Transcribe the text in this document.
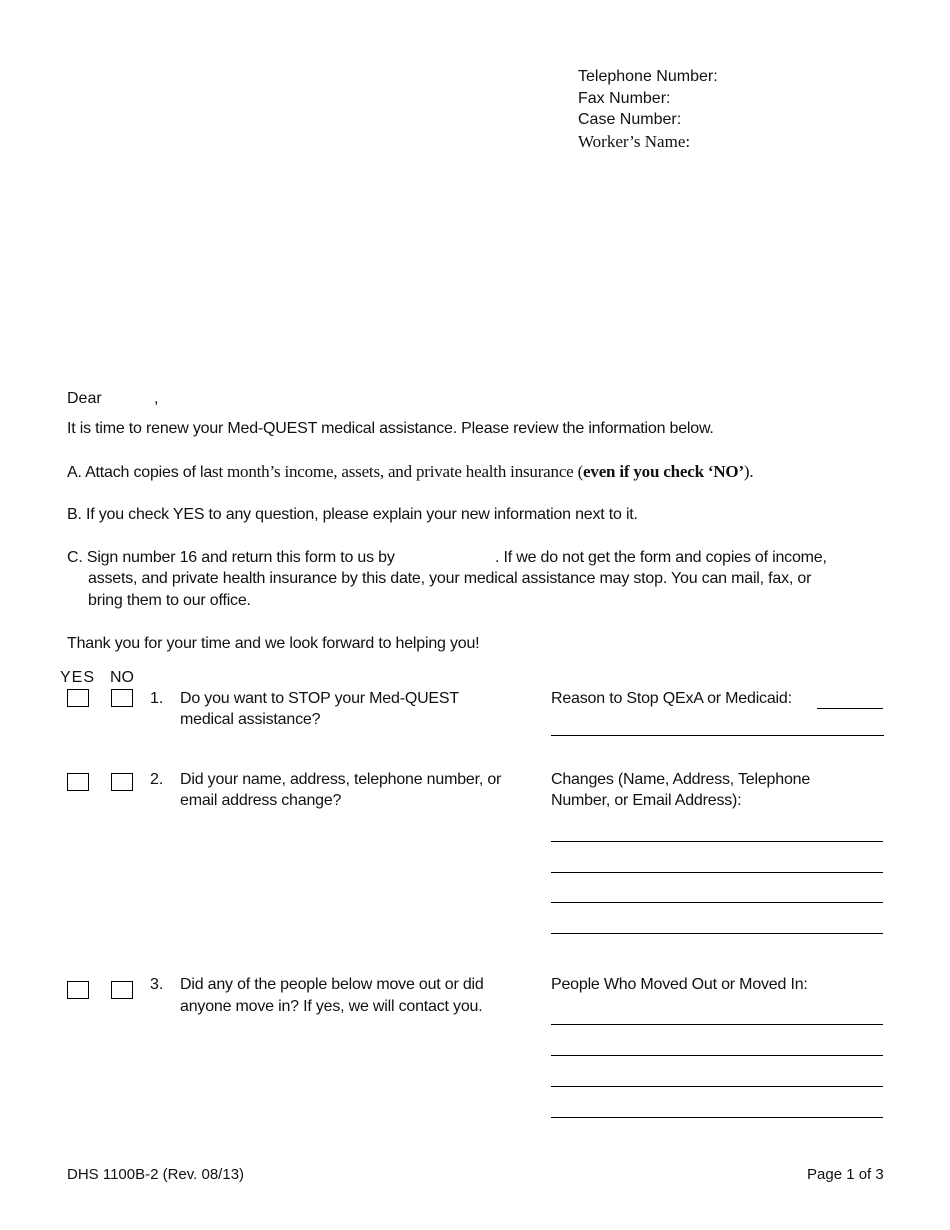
Telephone Number:
Fax Number:
Case Number:
Worker’s Name:
Dear	,
It is time to renew your Med-QUEST medical assistance. Please review the information below.
A. Attach copies of last month’s income, assets, and private health insurance (even if you check ‘NO’).
B. If you check YES to any question, please explain your new information next to it.
C. Sign number 16 and return this form to us by	. If we do not get the form and copies of income,
assets, and private health insurance by this date, your medical assistance may stop. You can mail, fax, or
bring them to our office.
Thank you for your time and we look forward to helping you!
YES NO
1. Do you want to STOP your Med-QUEST
medical assistance?
Reason to Stop QExA or Medicaid:
2. Did your name, address, telephone number, or
email address change?
Changes (Name, Address, Telephone
Number, or Email Address):
3. Did any of the people below move out or did
anyone move in? If yes, we will contact you.
People Who Moved Out or Moved In:
DHS 1100B-2 (Rev. 08/13)	Page 1 of 3
